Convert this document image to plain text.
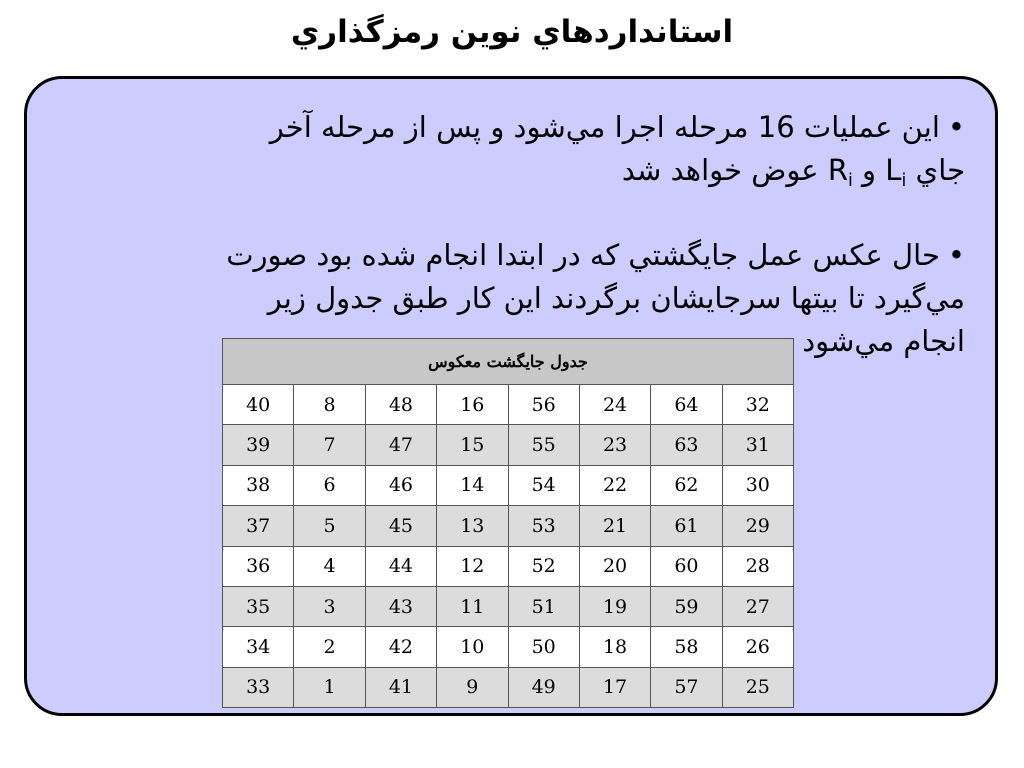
استانداردهاي نوين رمزگذاري
•این عملیات 16 مرحله اجرا مي‌شود و پس از مرحله آخر
جاي $L_i$ و $R_i$ عوض خواهد شد
•حال عکس عمل جايگشتي که در ابتدا انجام شده بود صورت
مي‌گيرد تا بيتها سرجايشان برگردند این کار طبق جدول زير
انجام مي‌شود
جدول جايگشت معكوس							
40	8	48	16	56	24	64	32
39	7	47	15	55	23	63	31
38	6	46	14	54	22	62	30
37	5	45	13	53	21	61	29
36	4	44	12	52	20	60	28
35	3	43	11	51	19	59	27
34	2	42	10	50	18	58	26
33	1	41	9	49	17	57	25
